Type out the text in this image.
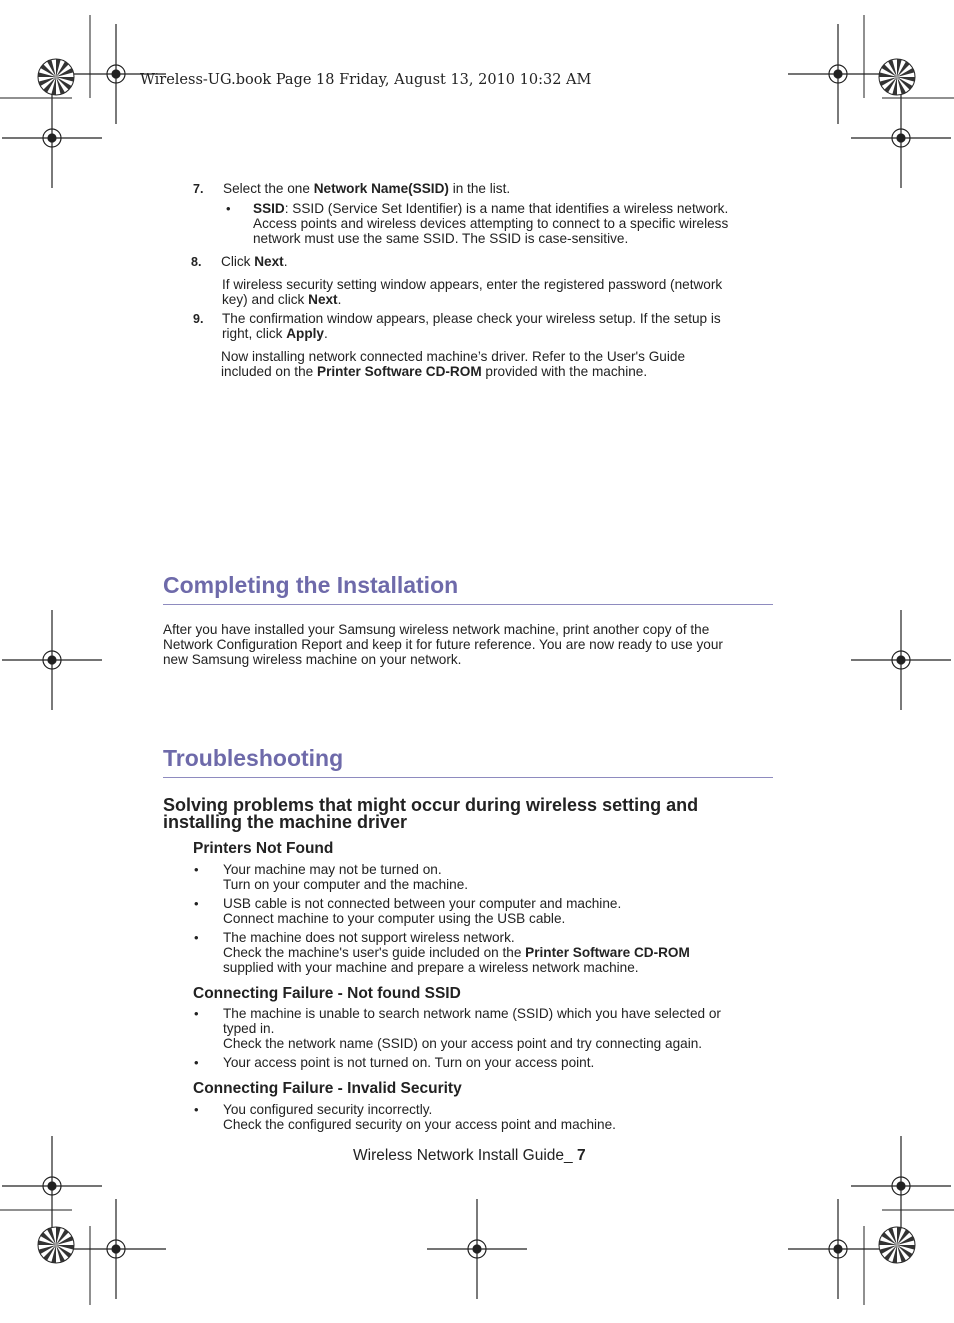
Wireless-UG.book Page 18 Friday, August 13, 2010 10:32 AM
7. Select the one Network Name(SSID) in the list.
• SSID: SSID (Service Set Identifier) is a name that identifies a wireless network.
Access points and wireless devices attempting to connect to a specific wireless
network must use the same SSID. The SSID is case-sensitive.
8. Click Next.
If wireless security setting window appears, enter the registered password (network
key) and click Next.
9. The confirmation window appears, please check your wireless setup. If the setup is
right, click Apply.
Now installing network connected machine’s driver. Refer to the User's Guide
included on the Printer Software CD-ROM provided with the machine.
Completing the Installation
After you have installed your Samsung wireless network machine, print another copy of the
Network Configuration Report and keep it for future reference. You are now ready to use your
new Samsung wireless machine on your network.
Troubleshooting
Solving problems that might occur during wireless setting and
installing the machine driver
Printers Not Found
• Your machine may not be turned on.
Turn on your computer and the machine.
• USB cable is not connected between your computer and machine.
Connect machine to your computer using the USB cable.
• The machine does not support wireless network.
Check the machine's user's guide included on the Printer Software CD-ROM
supplied with your machine and prepare a wireless network machine.
Connecting Failure - Not found SSID
• The machine is unable to search network name (SSID) which you have selected or
typed in.
Check the network name (SSID) on your access point and try connecting again.
• Your access point is not turned on. Turn on your access point.
Connecting Failure - Invalid Security
• You configured security incorrectly.
Check the configured security on your access point and machine.
Wireless Network Install Guide_ 7
